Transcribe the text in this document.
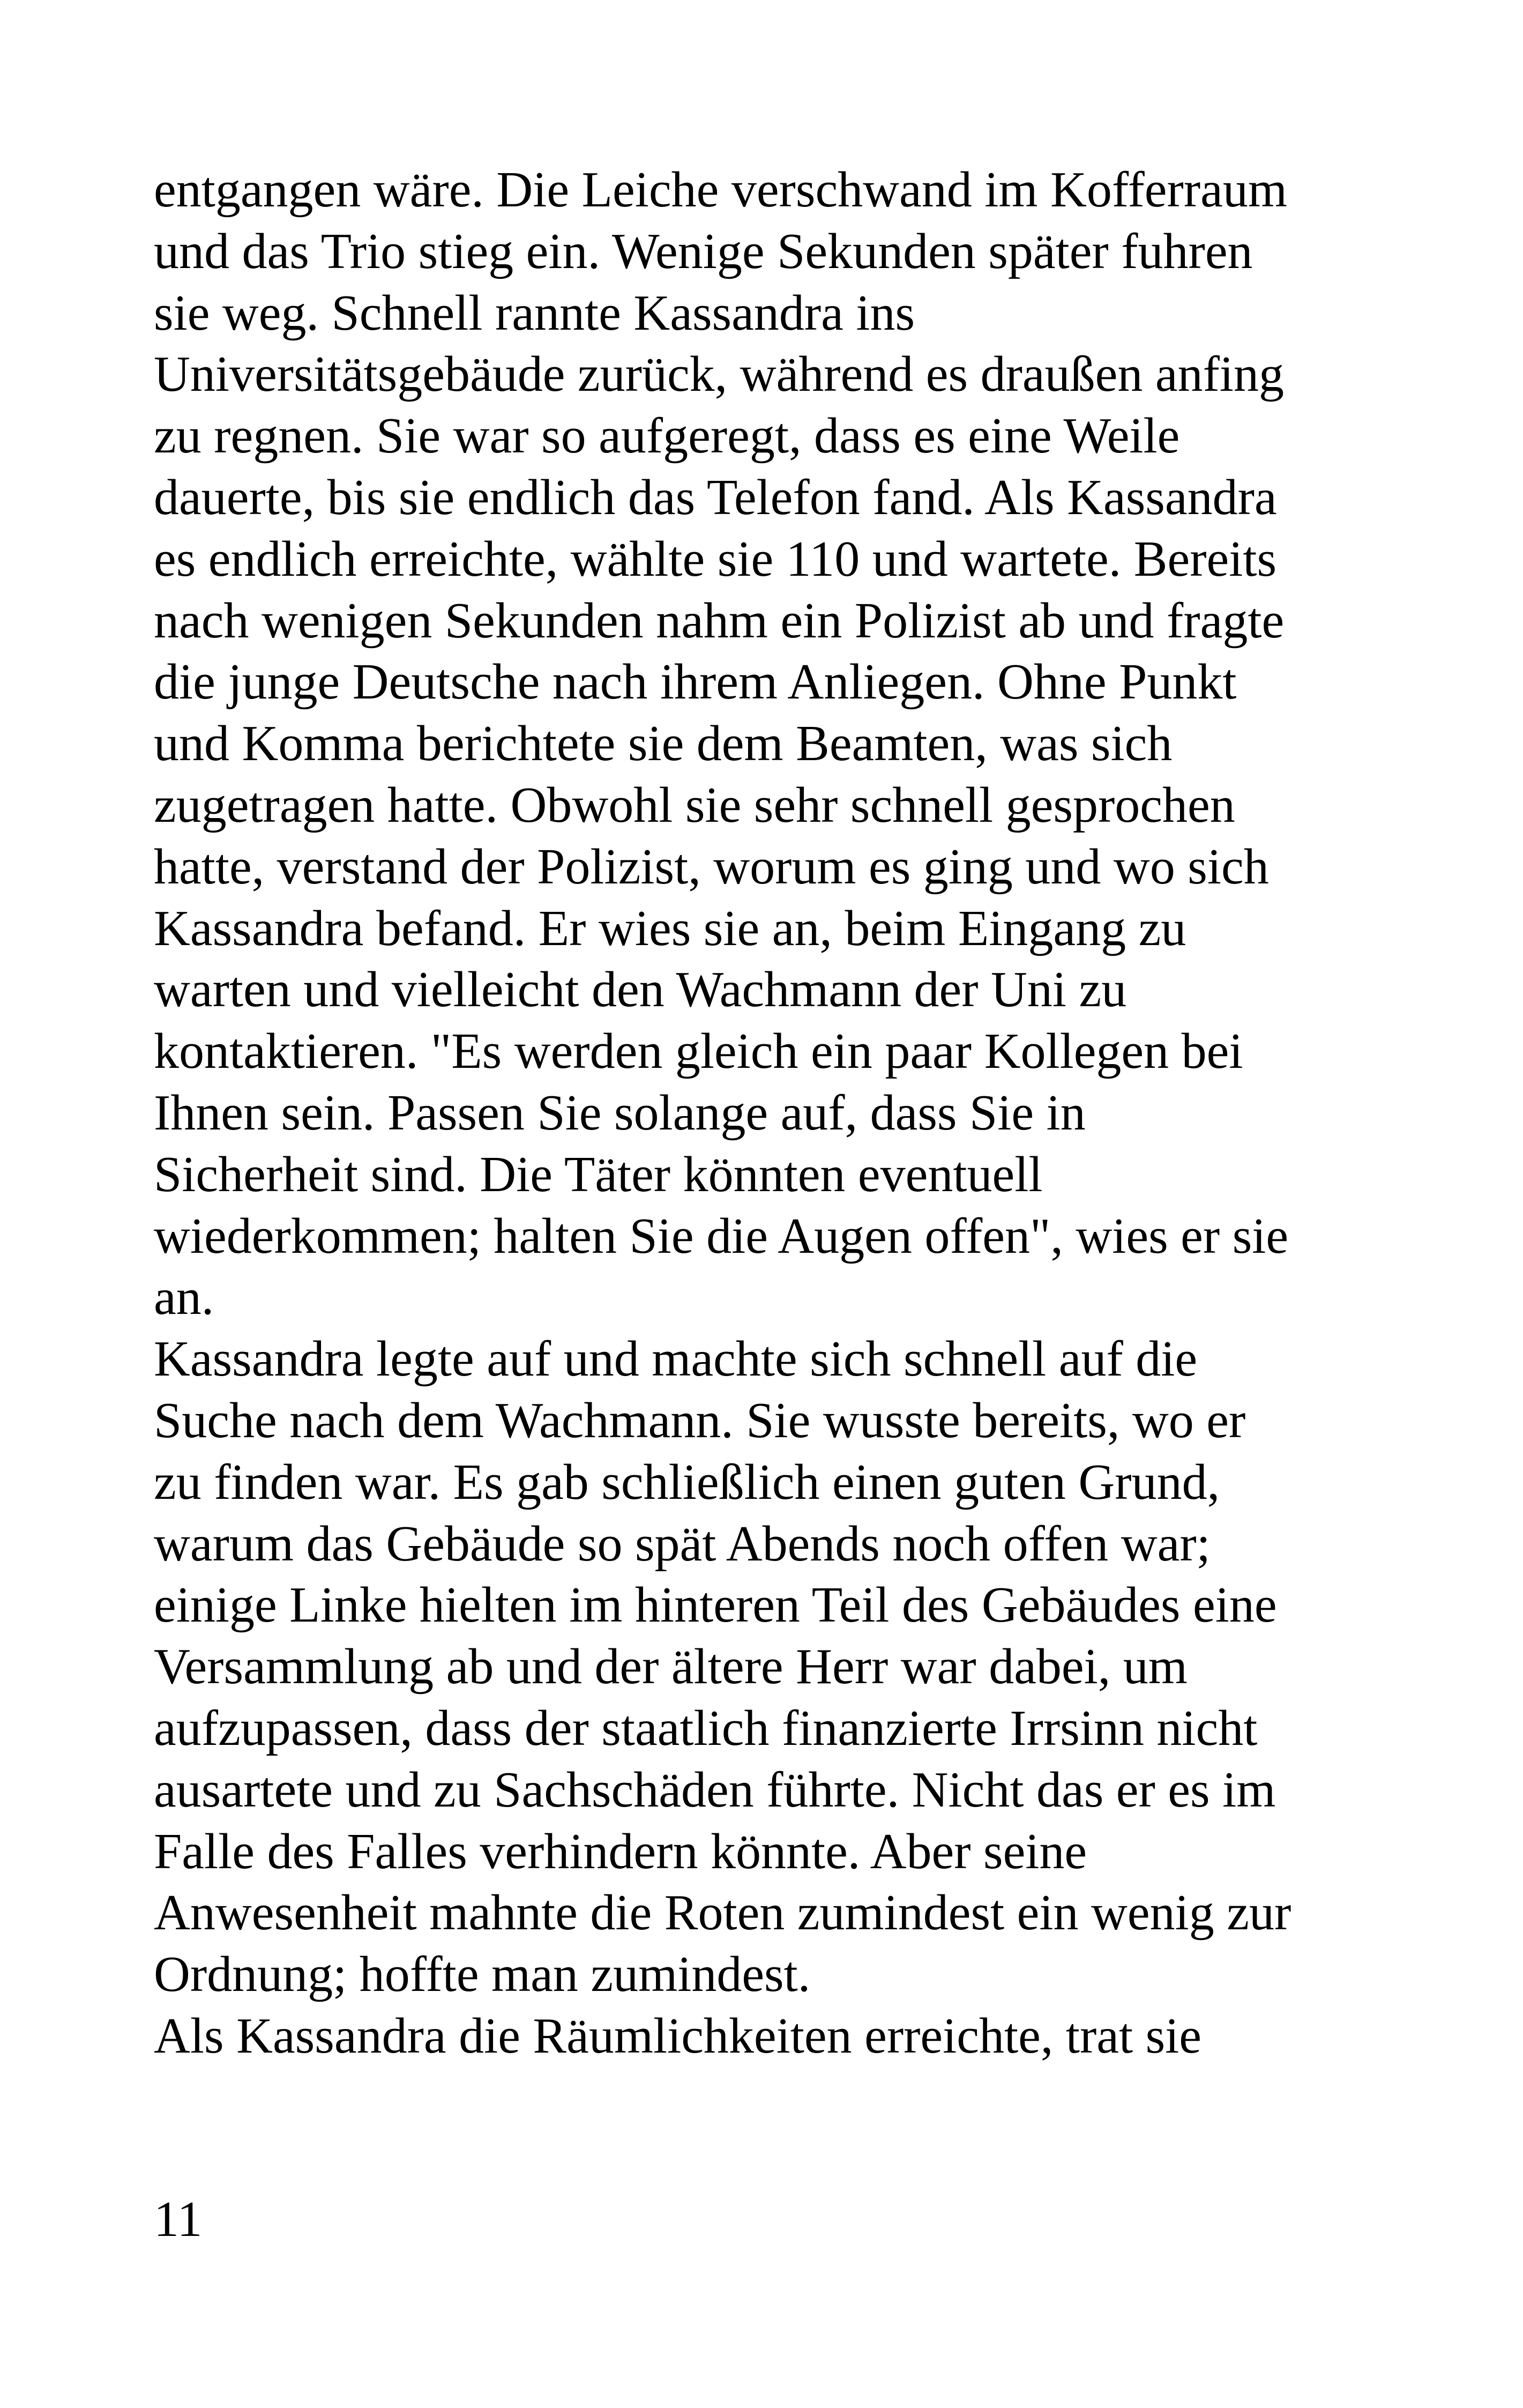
entgangen wäre. Die Leiche verschwand im Kofferraum
und das Trio stieg ein. Wenige Sekunden später fuhren
sie weg. Schnell rannte Kassandra ins
Universitätsgebäude zurück, während es draußen anfing
zu regnen. Sie war so aufgeregt, dass es eine Weile
dauerte, bis sie endlich das Telefon fand. Als Kassandra
es endlich erreichte, wählte sie 110 und wartete. Bereits
nach wenigen Sekunden nahm ein Polizist ab und fragte
die junge Deutsche nach ihrem Anliegen. Ohne Punkt
und Komma berichtete sie dem Beamten, was sich
zugetragen hatte. Obwohl sie sehr schnell gesprochen
hatte, verstand der Polizist, worum es ging und wo sich
Kassandra befand. Er wies sie an, beim Eingang zu
warten und vielleicht den Wachmann der Uni zu
kontaktieren. "Es werden gleich ein paar Kollegen bei
Ihnen sein. Passen Sie solange auf, dass Sie in
Sicherheit sind. Die Täter könnten eventuell
wiederkommen; halten Sie die Augen offen", wies er sie
an.
Kassandra legte auf und machte sich schnell auf die
Suche nach dem Wachmann. Sie wusste bereits, wo er
zu finden war. Es gab schließlich einen guten Grund,
warum das Gebäude so spät Abends noch offen war;
einige Linke hielten im hinteren Teil des Gebäudes eine
Versammlung ab und der ältere Herr war dabei, um
aufzupassen, dass der staatlich finanzierte Irrsinn nicht
ausartete und zu Sachschäden führte. Nicht das er es im
Falle des Falles verhindern könnte. Aber seine
Anwesenheit mahnte die Roten zumindest ein wenig zur
Ordnung; hoffte man zumindest.
Als Kassandra die Räumlichkeiten erreichte, trat sie
11
